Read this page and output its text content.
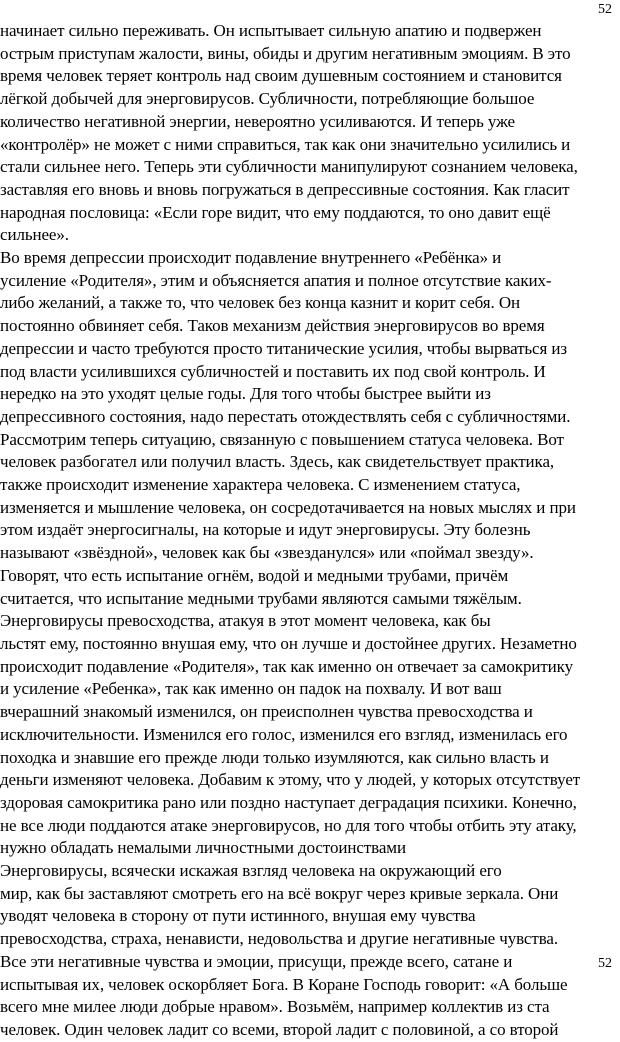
52

начинает сильно переживать. Он испытывает сильную апатию и подвержен
острым приступам жалости, вины, обиды и другим негативным эмоциям. В это
время человек теряет контроль над своим душевным состоянием и становится
лёгкой добычей для энерговирусов. Субличности, потребляющие большое
количество негативной энергии, невероятно усиливаются. И теперь уже
«контролёр» не может с ними справиться, так как они значительно усилились и
стали сильнее него. Теперь эти субличности манипулируют сознанием человека,
заставляя его вновь и вновь погружаться в депрессивные состояния. Как гласит
народная пословица: «Если горе видит, что ему поддаются, то оно давит ещё
сильнее».

Во время депрессии происходит подавление внутреннего «Ребёнка» и
усиление «Родителя», этим и объясняется апатия и полное отсутствие каких-
либо желаний, а также то, что человек без конца казнит и корит себя. Он
постоянно обвиняет себя. Таков механизм действия энерговирусов во время
депрессии и часто требуются просто титанические усилия, чтобы вырваться из
под власти усилившихся субличностей и поставить их под свой контроль. И
нередко на это уходят целые годы. Для того чтобы быстрее выйти из
депрессивного состояния, надо перестать отождествлять себя с субличностями.
Рассмотрим теперь ситуацию, связанную с повышением статуса человека. Вот
человек разбогател или получил власть. Здесь, как свидетельствует практика,
также происходит изменение характера человека. С изменением статуса,
изменяется и мышление человека, он сосредотачивается на новых мыслях и при
этом издаёт энергосигналы, на которые и идут энерговирусы. Эту болезнь
называют «звёздной», человек как бы «звезданулся» или «поймал звезду».
Говорят, что есть испытание огнём, водой и медными трубами, причём
считается, что испытание медными трубами являются самыми тяжёлым.

Энерговирусы превосходства, атакуя в этот момент человека, как бы
льстят ему, постоянно внушая ему, что он лучше и достойнее других. Незаметно
происходит подавление «Родителя», так как именно он отвечает за самокритику
и усиление «Ребенка», так как именно он падок на похвалу. И вот ваш
вчерашний знакомый изменился, он преисполнен чувства превосходства и
исключительности. Изменился его голос, изменился его взгляд, изменилась его
походка и знавшие его прежде люди только изумляются, как сильно власть и
деньги изменяют человека. Добавим к этому, что у людей, у которых отсутствует
здоровая самокритика рано или поздно наступает деградация психики. Конечно,
не все люди поддаются атаке энерговирусов, но для того чтобы отбить эту атаку,
нужно обладать немалыми личностными достоинствами

Энерговирусы, всячески искажая взгляд человека на окружающий его
мир, как бы заставляют смотреть его на всё вокруг через кривые зеркала. Они
уводят человека в сторону от пути истинного, внушая ему чувства
превосходства, страха, ненависти, недовольства и другие негативные чувства.
Все эти негативные чувства и эмоции, присущи, прежде всего, сатане и
испытывая их, человек оскорбляет Бога. В Коране Господь говорит: «А больше
всего мне милее люди добрые нравом». Возьмём, например коллектив из ста
человек. Один человек ладит со всеми, второй ладит с половиной, а со второй

52
